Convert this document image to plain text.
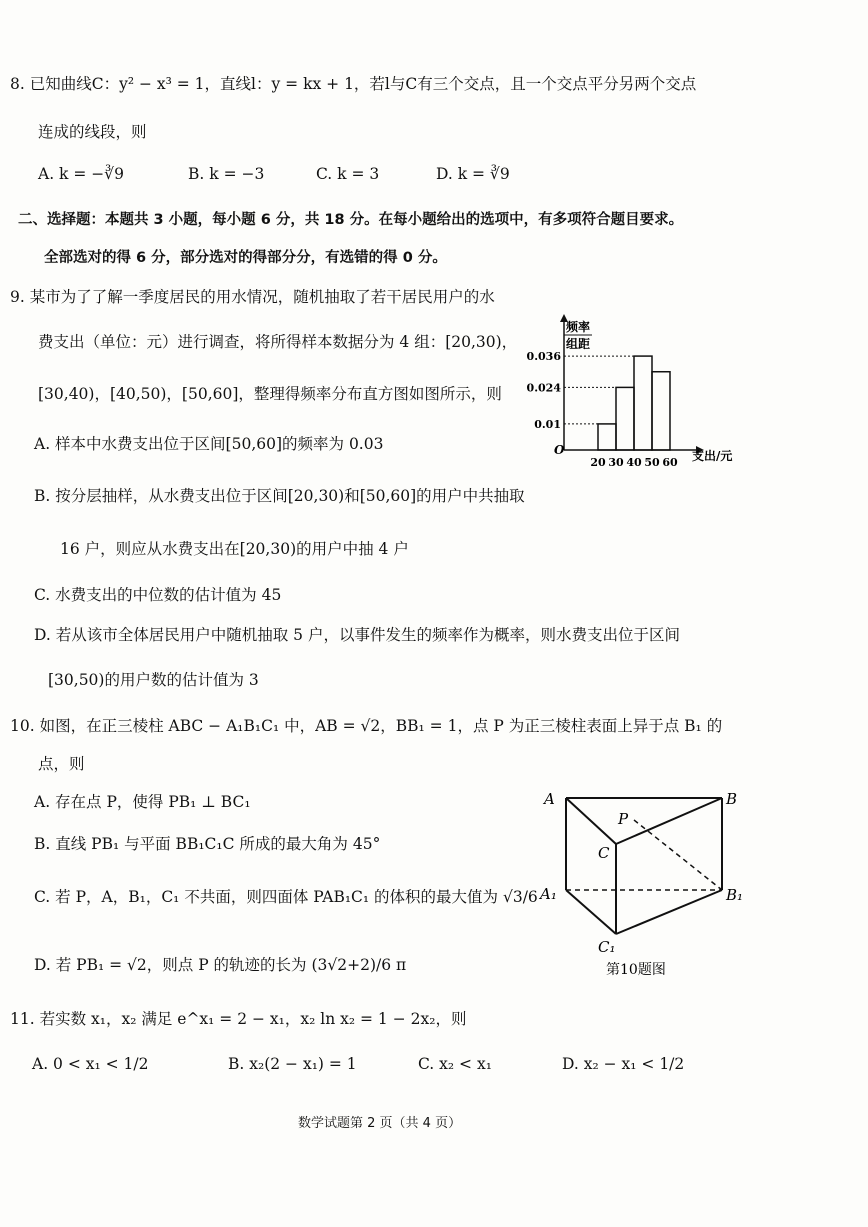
8. 已知曲线C：y² − x³ = 1，直线l：y = kx + 1，若l与C有三个交点，且一个交点平分另两个交点
连成的线段，则
A. k = −∛9	B. k = −3	C. k = 3	D. k = ∛9
二、选择题：本题共 3 小题，每小题 6 分，共 18 分。在每小题给出的选项中，有多项符合题目要求。
全部选对的得 6 分，部分选对的得部分分，有选错的得 0 分。
9. 某市为了了解一季度居民的用水情况，随机抽取了若干居民用户的水
费支出（单位：元）进行调查，将所得样本数据分为 4 组：[20,30)，
[30,40)，[40,50)，[50,60]，整理得频率分布直方图如图所示，则
A. 样本中水费支出位于区间[50,60]的频率为 0.03
B. 按分层抽样，从水费支出位于区间[20,30)和[50,60]的用户中共抽取
16 户，则应从水费支出在[20,30)的用户中抽 4 户
C. 水费支出的中位数的估计值为 45
D. 若从该市全体居民用户中随机抽取 5 户，以事件发生的频率作为概率，则水费支出位于区间
[30,50)的用户数的估计值为 3
0.01
0.024
0.036
20 30 40 50 60
频率
组距
O	支出/元
10. 如图，在正三棱柱 ABC − A₁B₁C₁ 中，AB = √2，BB₁ = 1，点 P 为正三棱柱表面上异于点 B₁ 的
点，则
A. 存在点 P，使得 PB₁ ⊥ BC₁
B. 直线 PB₁ 与平面 BB₁C₁C 所成的最大角为 45°
C. 若 P，A，B₁，C₁ 不共面，则四面体 PAB₁C₁ 的体积的最大值为 √3/6
D. 若 PB₁ = √2，则点 P 的轨迹的长为 (3√2+2)/6 π
A	B
P
C
A₁	B₁
C₁
第10题图
11. 若实数 x₁，x₂ 满足 e^x₁ = 2 − x₁，x₂ ln x₂ = 1 − 2x₂，则
A. 0 < x₁ < 1/2	B. x₂(2 − x₁) = 1	C. x₂ < x₁	D. x₂ − x₁ < 1/2
数学试题第 2 页（共 4 页）
